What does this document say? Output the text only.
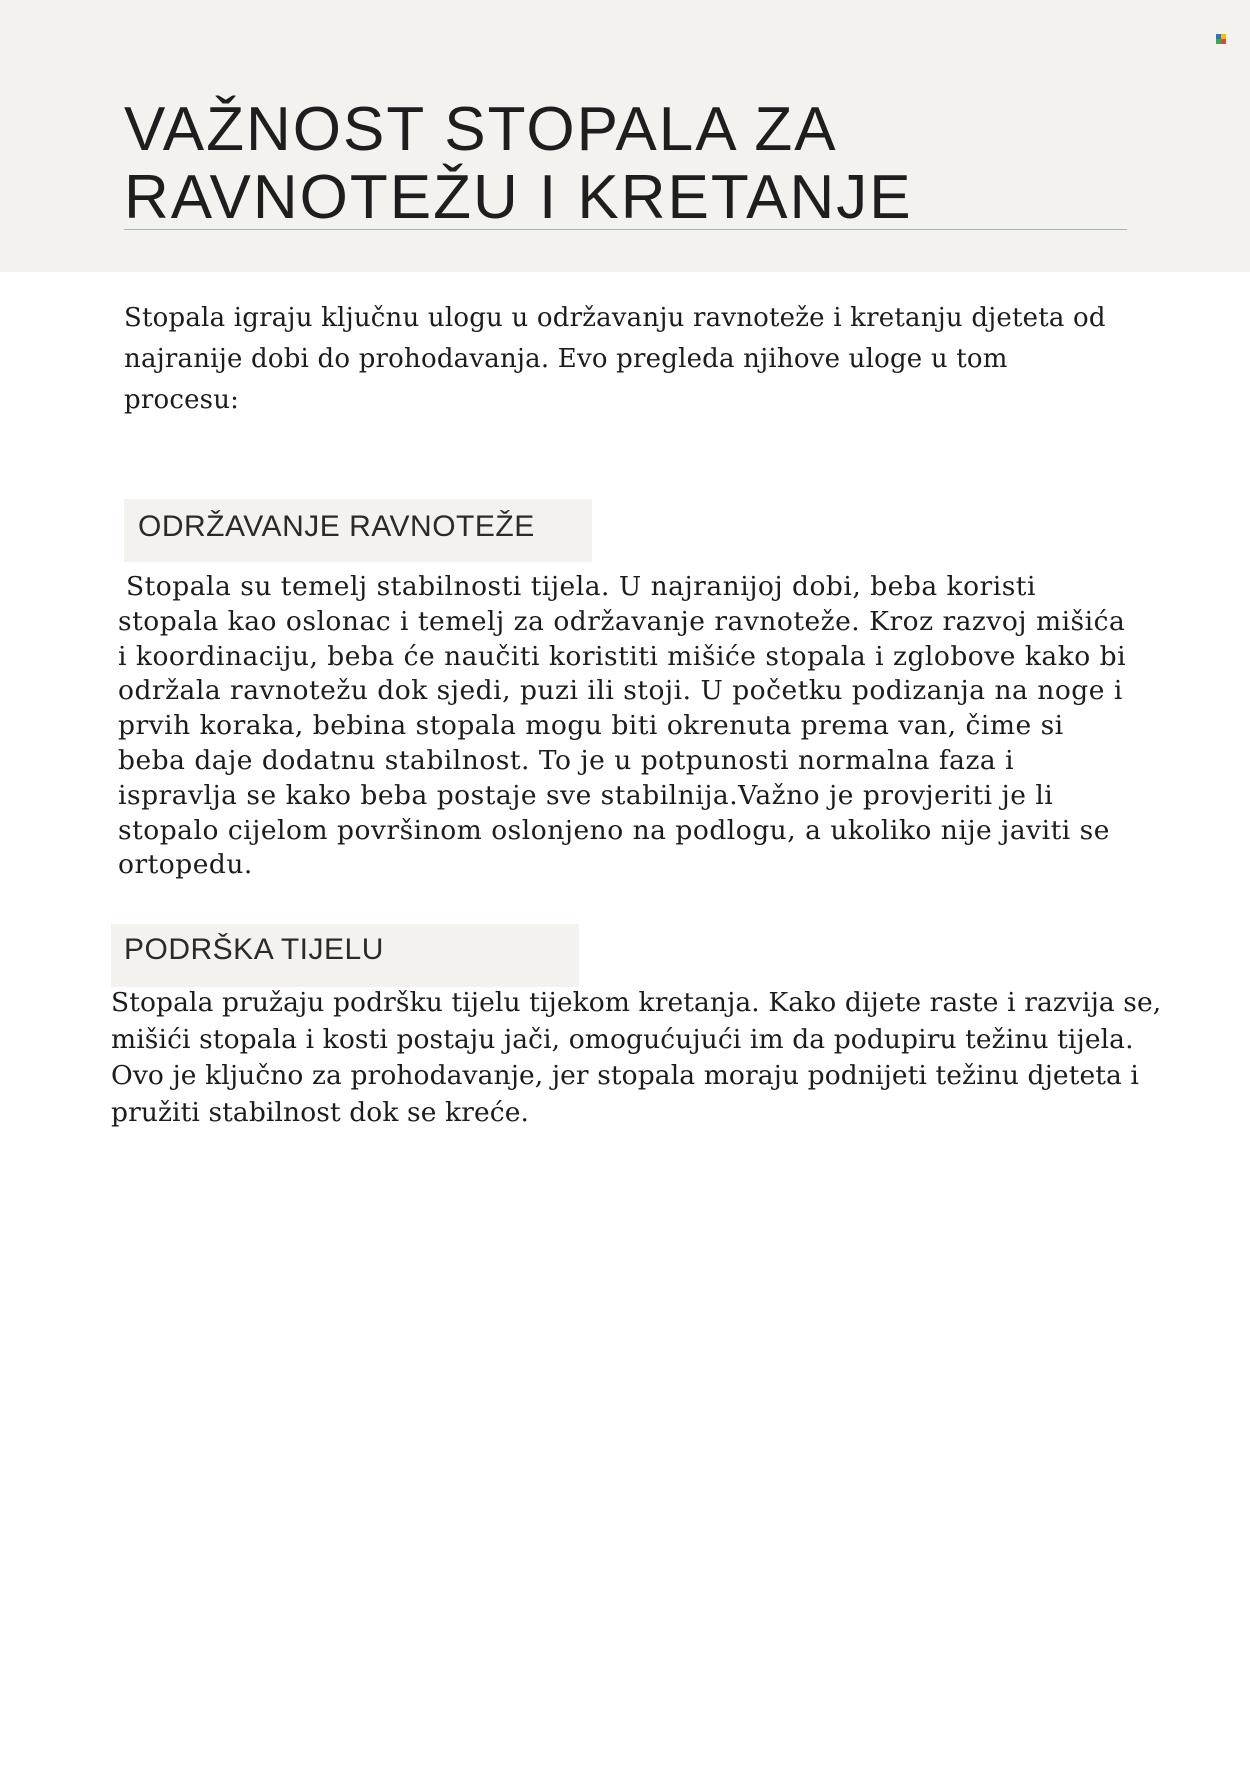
VAŽNOST STOPALA ZA RAVNOTEŽU I KRETANJE

Stopala igraju ključnu ulogu u održavanju ravnoteže i kretanju djeteta od najranije dobi do prohodavanja. Evo pregleda njihove uloge u tom procesu:

ODRŽAVANJE RAVNOTEŽE

Stopala su temelj stabilnosti tijela. U najranijoj dobi, beba koristi stopala kao oslonac i temelj za održavanje ravnoteže. Kroz razvoj mišića i koordinaciju, beba će naučiti koristiti mišiće stopala i zglobove kako bi održala ravnotežu dok sjedi, puzi ili stoji. U početku podizanja na noge i prvih koraka, bebina stopala mogu biti okrenuta prema van, čime si beba daje dodatnu stabilnost. To je u potpunosti normalna faza i ispravlja se kako beba postaje sve stabilnija.Važno je provjeriti je li stopalo cijelom površinom oslonjeno na podlogu, a ukoliko nije javiti se ortopedu.

PODRŠKA TIJELU

Stopala pružaju podršku tijelu tijekom kretanja. Kako dijete raste i razvija se, mišići stopala i kosti postaju jači, omogućujući im da podupiru težinu tijela. Ovo je ključno za prohodavanje, jer stopala moraju podnijeti težinu djeteta i pružiti stabilnost dok se kreće.
